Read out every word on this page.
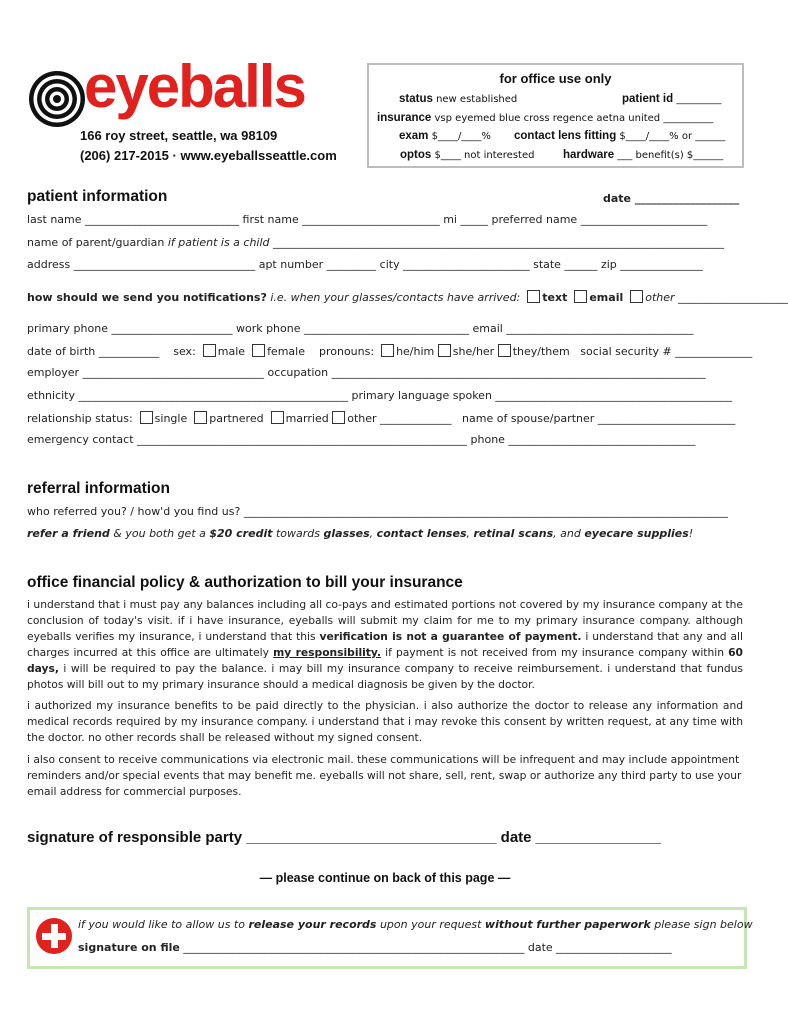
eyeballs
166 roy street, seattle, wa 98109
(206) 217-2015 · www.eyeballsseattle.com
for office use only
status new established	patient id _________
insurance vsp eyemed blue cross regence aetna united __________
exam $____/____% contact lens fitting $____/____% or ______
optos $____ not interested hardware ___ benefit(s) $______
patient information	date ___________________
last name ____________________________ first name _________________________ mi _____ preferred name _______________________
name of parent/guardian if patient is a child __________________________________________________________________________________
address _________________________________ apt number _________ city _______________________ state ______ zip _______________
how should we send you notifications? i.e. when your glasses/contacts have arrived: text email other ____________________
primary phone ______________________ work phone ______________________________ email __________________________________
date of birth ___________ sex: male female pronouns: he/him she/her they/them social security # ______________
employer _________________________________ occupation ____________________________________________________________________
ethnicity _________________________________________________ primary language spoken ___________________________________________
relationship status: single partnered married other _____________ name of spouse/partner _________________________
emergency contact ____________________________________________________________ phone __________________________________
referral information
who referred you? / how'd you find us? ________________________________________________________________________________________
refer a friend & you both get a $20 credit towards glasses, contact lenses, retinal scans, and eyecare supplies!
office financial policy & authorization to bill your insurance
i understand that i must pay any balances including all co-pays and estimated portions not covered by my insurance company at the conclusion of today's visit. if i have insurance, eyeballs will submit my claim for me to my primary insurance company. although eyeballs verifies my insurance, i understand that this verification is not a guarantee of payment. i understand that any and all charges incurred at this office are ultimately my responsibility. if payment is not received from my insurance company within 60 days, i will be required to pay the balance. i may bill my insurance company to receive reimbursement. i understand that fundus photos will bill out to my primary insurance should a medical diagnosis be given by the doctor.
i authorized my insurance benefits to be paid directly to the physician. i also authorize the doctor to release any information and medical records required by my insurance company. i understand that i may revoke this consent by written request, at any time with the doctor. no other records shall be released without my signed consent.
i also consent to receive communications via electronic mail. these communications will be infrequent and may include appointment reminders and/or special events that may benefit me. eyeballs will not share, sell, rent, swap or authorize any third party to use your email address for commercial purposes.
signature of responsible party ______________________________ date _______________
— please continue on back of this page —
if you would like to allow us to release your records upon your request without further paperwork please sign below
signature on file ______________________________________________________________ date _____________________
